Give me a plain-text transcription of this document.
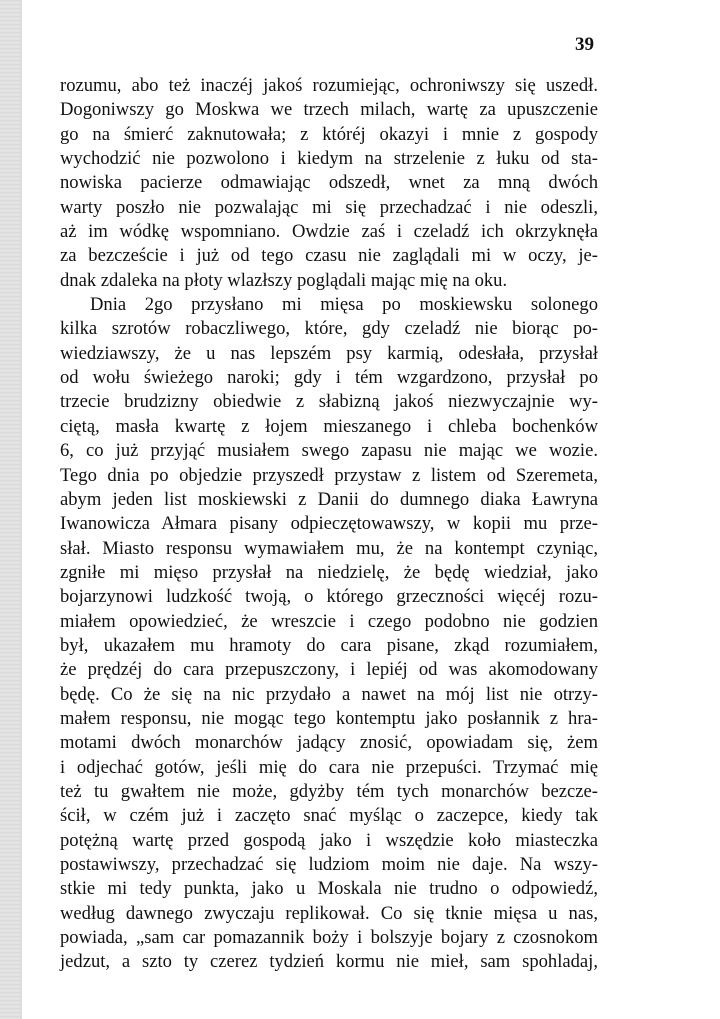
39
rozumu, abo też inaczéj jakoś rozumiejąc, ochroniwszy się uszedł.
Dogoniwszy go Moskwa we trzech milach, wartę za upuszczenie
go na śmierć zaknutowała; z któréj okazyi i mnie z gospody
wychodzić nie pozwolono i kiedym na strzelenie z łuku od sta-
nowiska pacierze odmawiając odszedł, wnet za mną dwóch
warty poszło nie pozwalając mi się przechadzać i nie odeszli,
aż im wódkę wspomniano. Owdzie zaś i czeladź ich okrzyknęła
za bezczeście i już od tego czasu nie zaglądali mi w oczy, je-
dnak zdaleka na płoty wlazłszy poglądali mając mię na oku.
Dnia 2go przysłano mi mięsa po moskiewsku solonego
kilka szrotów robaczliwego, które, gdy czeladź nie biorąc po-
wiedziawszy, że u nas lepszém psy karmią, odesłała, przysłał
od wołu świeżego naroki; gdy i tém wzgardzono, przysłał po
trzecie brudzizny obiedwie z słabizną jakoś niezwyczajnie wy-
ciętą, masła kwartę z łojem mieszanego i chleba bochenków
6, co już przyjąć musiałem swego zapasu nie mając we wozie.
Tego dnia po objedzie przyszedł przystaw z listem od Szeremeta,
abym jeden list moskiewski z Danii do dumnego diaka Ławryna
Iwanowicza Ałmara pisany odpieczętowawszy, w kopii mu prze-
słał. Miasto responsu wymawiałem mu, że na kontempt czyniąc,
zgniłe mi mięso przysłał na niedzielę, że będę wiedział, jako
bojarzynowi ludzkość twoją, o którego grzeczności więcéj rozu-
miałem opowiedzieć, że wreszcie i czego podobno nie godzien
był, ukazałem mu hramoty do cara pisane, zkąd rozumiałem,
że prędzéj do cara przepuszczony, i lepiéj od was akomodowany
będę. Co że się na nic przydało a nawet na mój list nie otrzy-
małem responsu, nie mogąc tego kontemptu jako posłannik z hra-
motami dwóch monarchów jadący znosić, opowiadam się, żem
i odjechać gotów, jeśli mię do cara nie przepuści. Trzymać mię
też tu gwałtem nie może, gdyżby tém tych monarchów bezcze-
ścił, w czém już i zaczęto snać myśląc o zaczepce, kiedy tak
potężną wartę przed gospodą jako i wszędzie koło miasteczka
postawiwszy, przechadzać się ludziom moim nie daje. Na wszy-
stkie mi tedy punkta, jako u Moskala nie trudno o odpowiedź,
według dawnego zwyczaju replikował. Co się tknie mięsa u nas,
powiada, „sam car pomazannik boży i bolszyje bojary z czosnokom
jedzut, a szto ty czerez tydzień kormu nie mieł, sam spohladaj,
